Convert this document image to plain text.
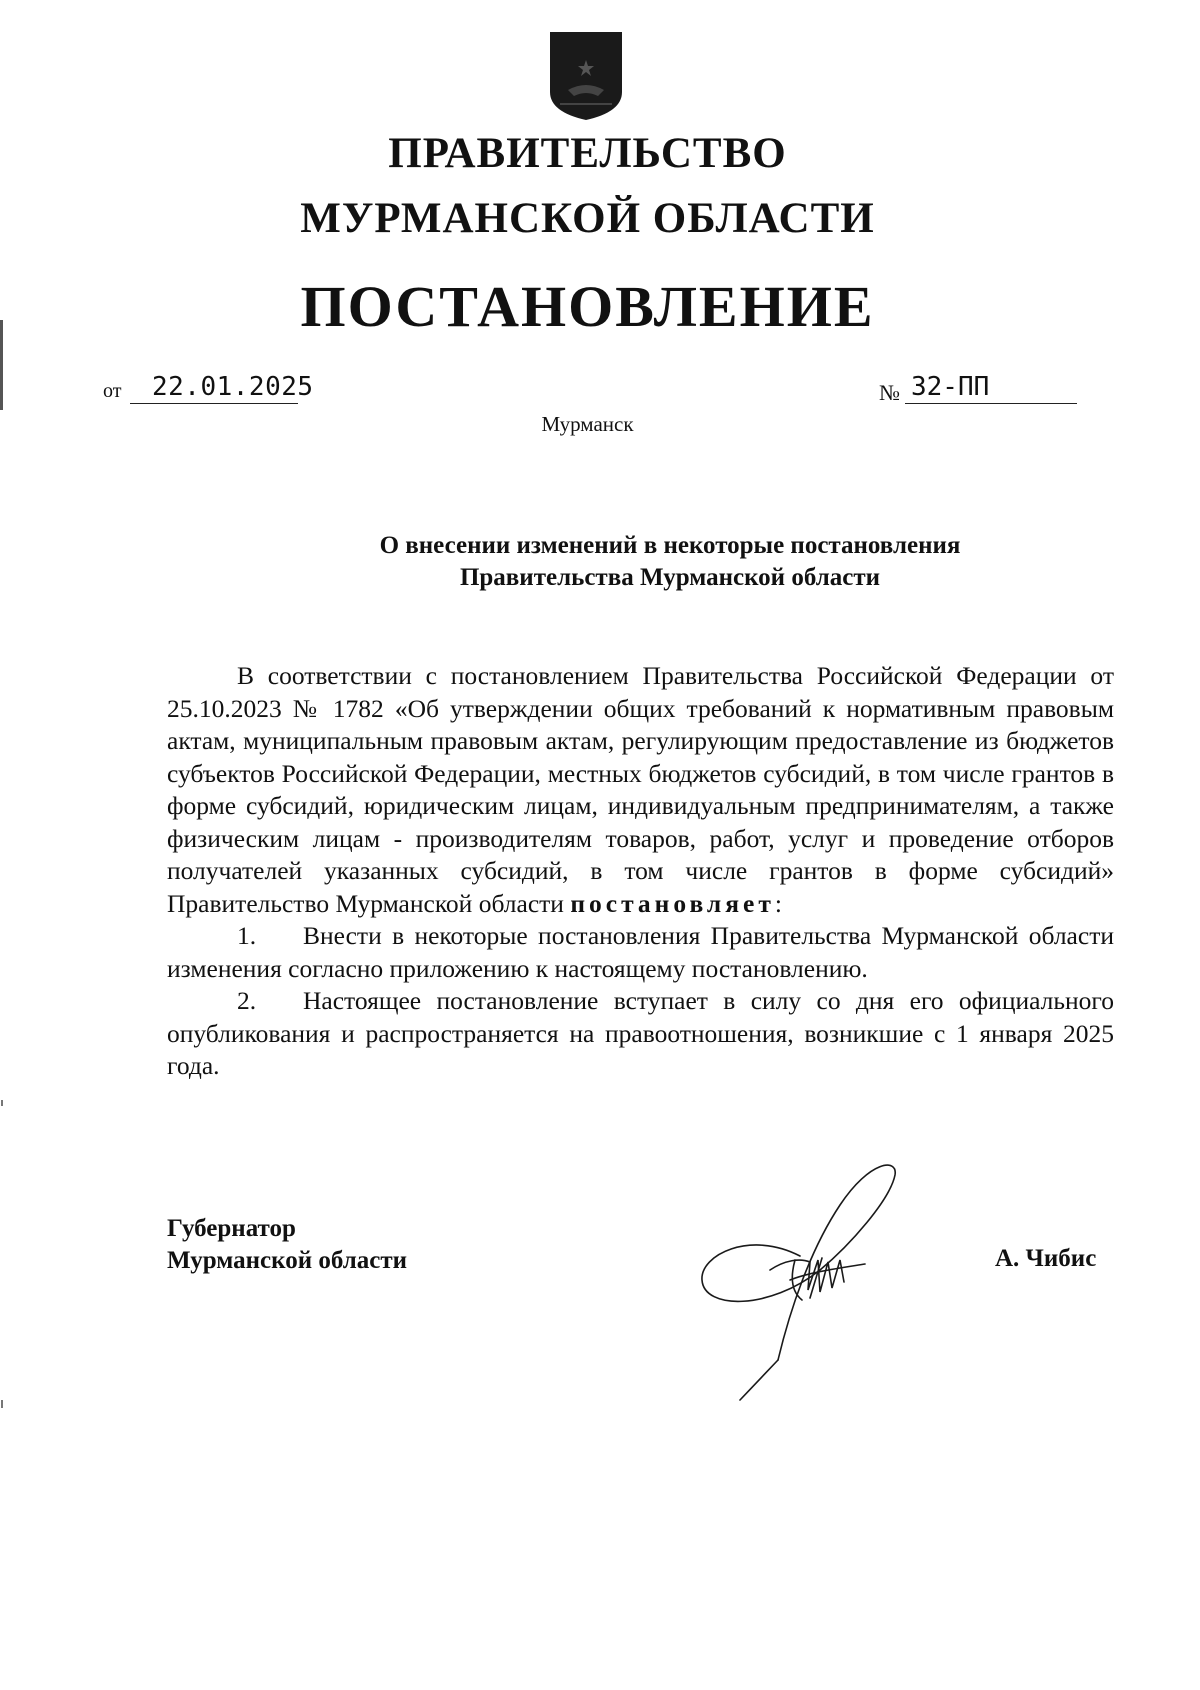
ПРАВИТЕЛЬСТВО
МУРМАНСКОЙ ОБЛАСТИ
ПОСТАНОВЛЕНИЕ
от 22.01.2025	№ 32-ПП
Мурманск
О внесении изменений в некоторые постановления
Правительства Мурманской области

В соответствии с постановлением Правительства Российской Федерации от 25.10.2023 № 1782 «Об утверждении общих требований к нормативным правовым актам, муниципальным правовым актам, регулирующим предоставление из бюджетов субъектов Российской Федерации, местных бюджетов субсидий, в том числе грантов в форме субсидий, юридическим лицам, индивидуальным предпринимателям, а также физическим лицам - производителям товаров, работ, услуг и проведение отборов получателей указанных субсидий, в том числе грантов в форме субсидий» Правительство Мурманской области постановляет:

1. Внести в некоторые постановления Правительства Мурманской области изменения согласно приложению к настоящему постановлению.

2. Настоящее постановление вступает в силу со дня его официального опубликования и распространяется на правоотношения, возникшие с 1 января 2025 года.

Губернатор
Мурманской области	А. Чибис
